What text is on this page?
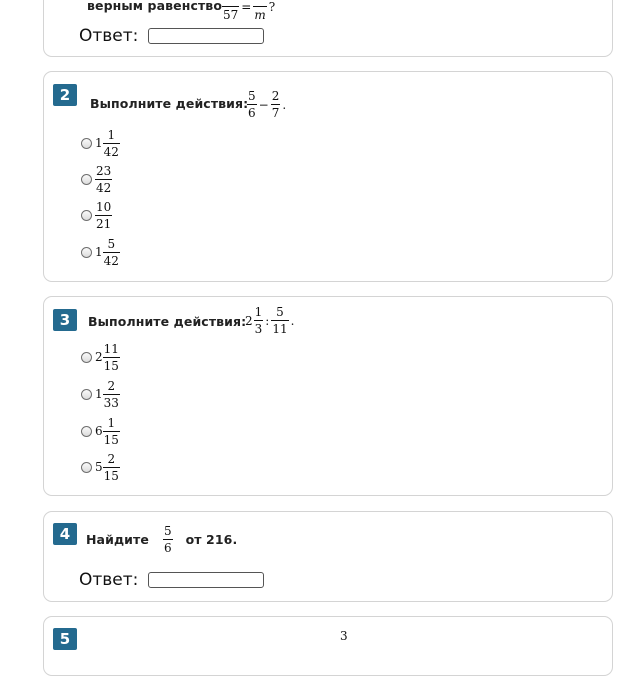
верным равенство
57
=
m
?
Ответ:
2	Выполните действия:
$\frac{5}{6} - \frac{2}{7}$ .
$1 \frac{1}{42}$
$\frac{23}{42}$
$\frac{10}{21}$
$1 \frac{5}{42}$
3	Выполните действия:
$2 \frac{1}{3}$ : $\frac{5}{11}$ .
$2 \frac{11}{15}$
$1 \frac{2}{33}$
$6 \frac{1}{15}$
$5 \frac{2}{15}$
4	Найдите $\frac{5}{6}$ от 216.
Ответ:
5	3
